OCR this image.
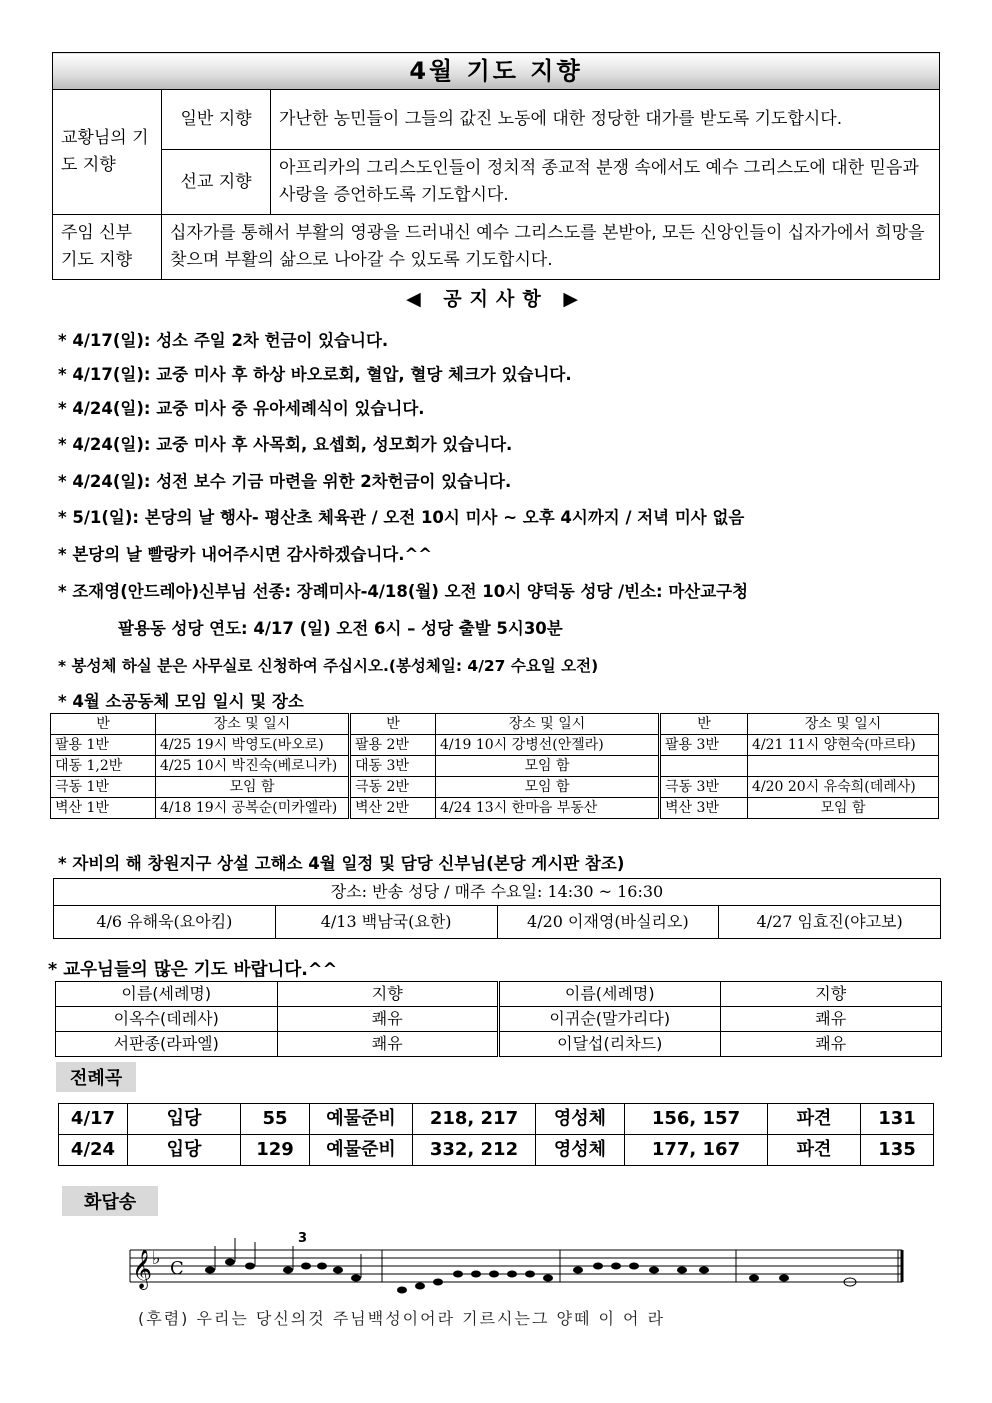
4월 기도 지향		
교황님의 기도 지향	일반 지향	가난한 농민들이 그들의 값진 노동에 대한 정당한 대가를 받도록 기도합시다.
	선교 지향	아프리카의 그리스도인들이 정치적 종교적 분쟁 속에서도 예수 그리스도에 대한 믿음과 사랑을 증언하도록 기도합시다.
주임 신부 기도 지향	십자가를 통해서 부활의 영광을 드러내신 예수 그리스도를 본받아, 모든 신앙인들이 십자가에서 희망을 찾으며 부활의 삶으로 나아갈 수 있도록 기도합시다.	
◀ 공지사항 ▶
* 4/17(일): 성소 주일 2차 헌금이 있습니다.
* 4/17(일): 교중 미사 후 하상 바오로회, 혈압, 혈당 체크가 있습니다.
* 4/24(일): 교중 미사 중 유아세례식이 있습니다.
* 4/24(일): 교중 미사 후 사목회, 요셉회, 성모회가 있습니다.
* 4/24(일): 성전 보수 기금 마련을 위한 2차헌금이 있습니다.
* 5/1(일): 본당의 날 행사- 평산초 체육관 / 오전 10시 미사 ~ 오후 4시까지 / 저녁 미사 없음
* 본당의 날 빨랑카 내어주시면 감사하겠습니다.^^
* 조재영(안드레아)신부님 선종: 장례미사-4/18(월) 오전 10시 양덕동 성당 /빈소: 마산교구청
팔용동 성당 연도: 4/17 (일) 오전 6시 – 성당 출발 5시30분
* 봉성체 하실 분은 사무실로 신청하여 주십시오.(봉성체일: 4/27 수요일 오전)
* 4월 소공동체 모임 일시 및 장소
반	장소 및 일시	반	장소 및 일시	반	장소 및 일시
팔용 1반	4/25 19시 박영도(바오로)	팔용 2반	4/19 10시 강병선(안젤라)	팔용 3반	4/21 11시 양현숙(마르타)
대동 1,2반	4/25 10시 박진숙(베로니카)	대동 3반	모임 함		
극동 1반	모임 함	극동 2반	모임 함	극동 3반	4/20 20시 유숙희(데레사)
벽산 1반	4/18 19시 공복순(미카엘라)	벽산 2반	4/24 13시 한마음 부동산	벽산 3반	모임 함
* 자비의 해 창원지구 상설 고해소 4월 일정 및 담당 신부님(본당 게시판 참조)
장소: 반송 성당 / 매주 수요일: 14:30 ~ 16:30
4/6 유해욱(요아킴)	4/13 백남국(요한)	4/20 이재영(바실리오)	4/27 임효진(야고보)
* 교우님들의 많은 기도 바랍니다.^^
이름(세례명)	지향	이름(세례명)	지향
이옥수(데레사)	쾌유	이귀순(말가리다)	쾌유
서판종(라파엘)	쾌유	이달섭(리차드)	쾌유
전례곡
4/17	입당	55	예물준비	218, 217	영성체	156, 157	파견	131
4/24	입당	129	예물준비	332, 212	영성체	177, 167	파견	135
화답송
𝄞 ♭ C
3
(후렴) 우리는 당신의것 주님백성이어라 기르시는그 양떼 이 어 라
